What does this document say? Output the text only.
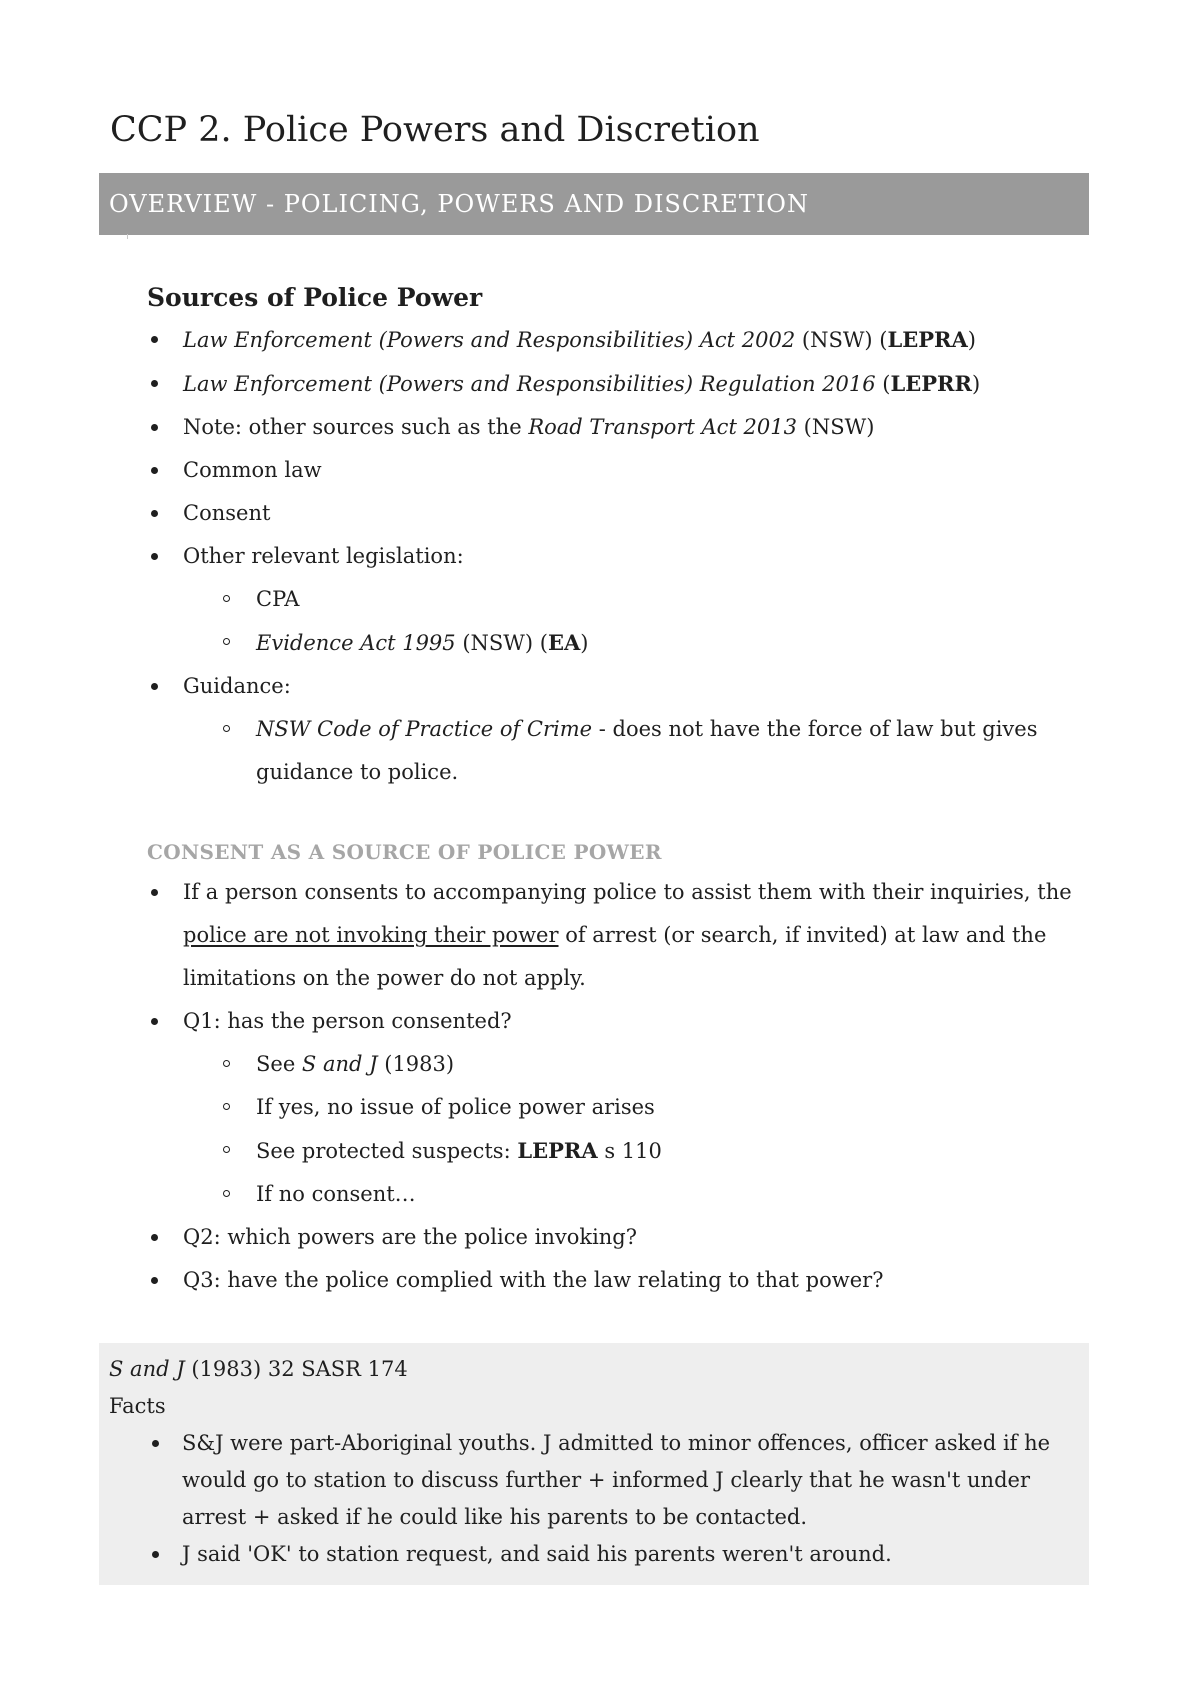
CCP 2. Police Powers and Discretion
OVERVIEW - POLICING, POWERS AND DISCRETION
Sources of Police Power
Law Enforcement (Powers and Responsibilities) Act 2002 (NSW) (LEPRA)
Law Enforcement (Powers and Responsibilities) Regulation 2016 (LEPRR)
Note: other sources such as the Road Transport Act 2013 (NSW)
Common law
Consent
Other relevant legislation:
CPA
Evidence Act 1995 (NSW) (EA)
Guidance:
NSW Code of Practice of Crime - does not have the force of law but gives guidance to police.
CONSENT AS A SOURCE OF POLICE POWER
If a person consents to accompanying police to assist them with their inquiries, the police are not invoking their power of arrest (or search, if invited) at law and the limitations on the power do not apply.
Q1: has the person consented?
See S and J (1983)
If yes, no issue of police power arises
See protected suspects: LEPRA s 110
If no consent…
Q2: which powers are the police invoking?
Q3: have the police complied with the law relating to that power?
S and J (1983) 32 SASR 174
Facts
S&J were part-Aboriginal youths. J admitted to minor offences, officer asked if he would go to station to discuss further + informed J clearly that he wasn't under arrest + asked if he could like his parents to be contacted.
J said 'OK' to station request, and said his parents weren't around.
